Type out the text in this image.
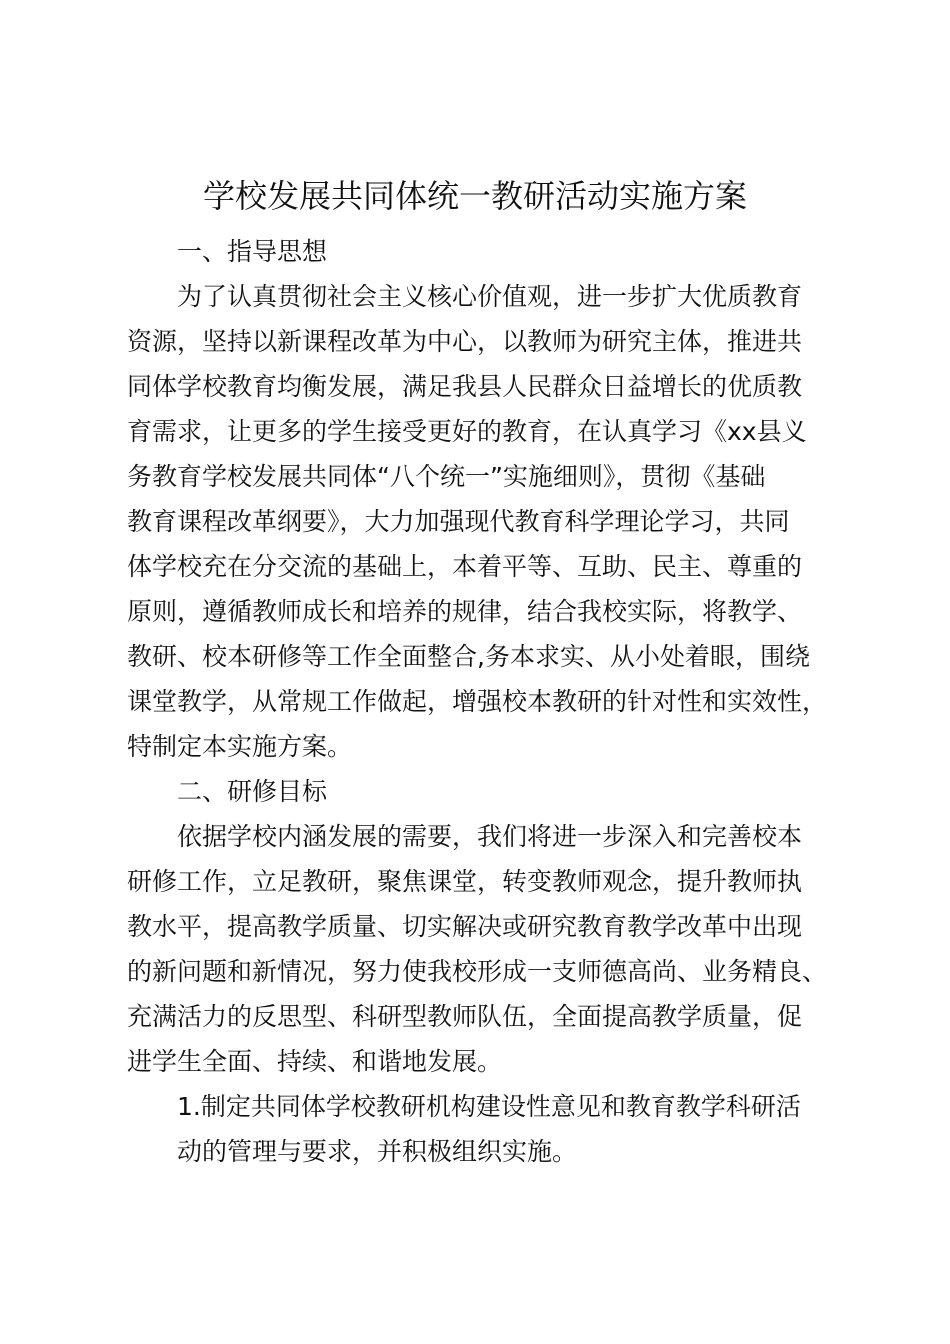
学校发展共同体统一教研活动实施方案
一、指导思想
为了认真贯彻社会主义核心价值观，进一步扩大优质教育
资源，坚持以新课程改革为中心，以教师为研究主体，推进共
同体学校教育均衡发展，满足我县人民群众日益增长的优质教
育需求，让更多的学生接受更好的教育，在认真学习《xx县义
务教育学校发展共同体“八个统一”实施细则》，贯彻《基础
教育课程改革纲要》，大力加强现代教育科学理论学习，共同
体学校充在分交流的基础上，本着平等、互助、民主、尊重的
原则，遵循教师成长和培养的规律，结合我校实际，将教学、
教研、校本研修等工作全面整合,务本求实、从小处着眼，围绕
课堂教学，从常规工作做起，增强校本教研的针对性和实效性，
特制定本实施方案。
二、研修目标
依据学校内涵发展的需要，我们将进一步深入和完善校本
研修工作，立足教研，聚焦课堂，转变教师观念，提升教师执
教水平，提高教学质量、切实解决或研究教育教学改革中出现
的新问题和新情况，努力使我校形成一支师德高尚、业务精良、
充满活力的反思型、科研型教师队伍，全面提高教学质量，促
进学生全面、持续、和谐地发展。
1.制定共同体学校教研机构建设性意见和教育教学科研活
动的管理与要求，并积极组织实施。
